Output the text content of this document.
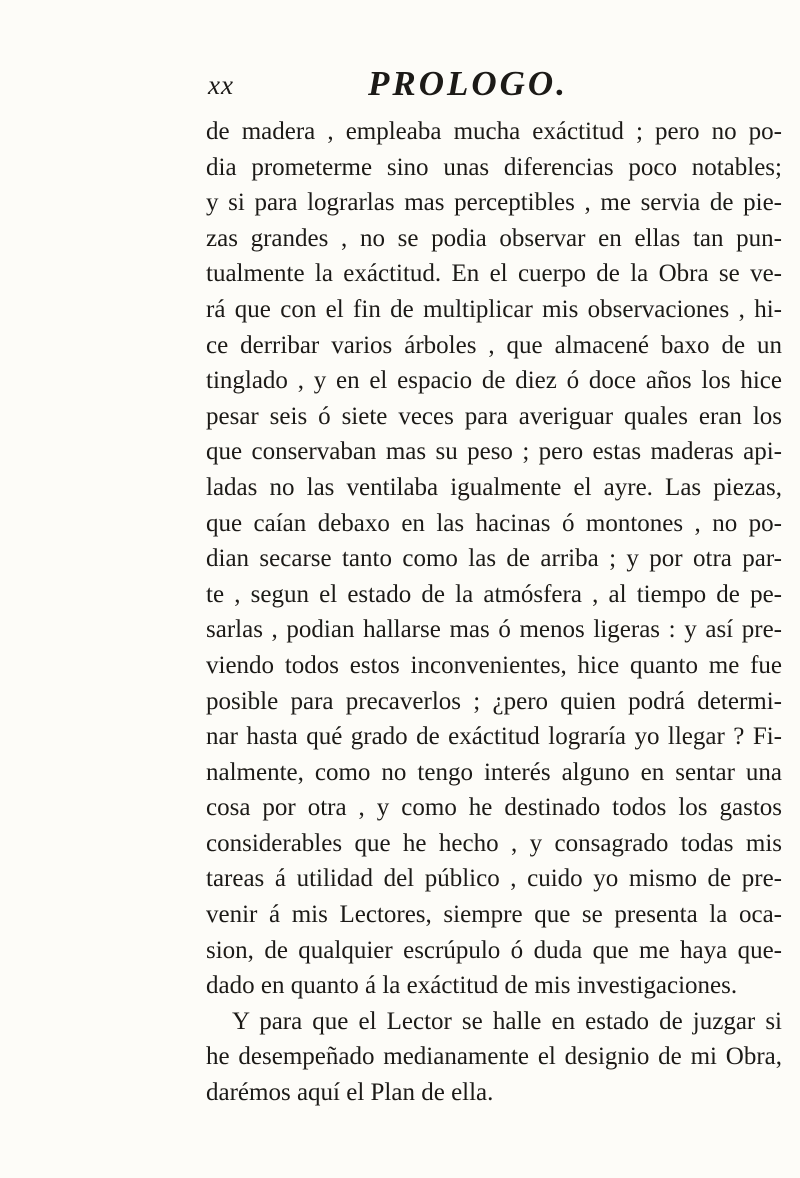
xx	PROLOGO.
de madera , empleaba mucha exáctitud ; pero no po-
dia prometerme sino unas diferencias poco notables;
y si para lograrlas mas perceptibles , me servia de pie-
zas grandes , no se podia observar en ellas tan pun-
tualmente la exáctitud. En el cuerpo de la Obra se ve-
rá que con el fin de multiplicar mis observaciones , hi-
ce derribar varios árboles , que almacené baxo de un
tinglado , y en el espacio de diez ó doce años los hice
pesar seis ó siete veces para averiguar quales eran los
que conservaban mas su peso ; pero estas maderas api-
ladas no las ventilaba igualmente el ayre. Las piezas,
que caían debaxo en las hacinas ó montones , no po-
dian secarse tanto como las de arriba ; y por otra par-
te , segun el estado de la atmósfera , al tiempo de pe-
sarlas , podian hallarse mas ó menos ligeras : y así pre-
viendo todos estos inconvenientes, hice quanto me fue
posible para precaverlos ; ¿pero quien podrá determi-
nar hasta qué grado de exáctitud lograría yo llegar ? Fi-
nalmente, como no tengo interés alguno en sentar una
cosa por otra , y como he destinado todos los gastos
considerables que he hecho , y consagrado todas mis
tareas á utilidad del público , cuido yo mismo de pre-
venir á mis Lectores, siempre que se presenta la oca-
sion, de qualquier escrúpulo ó duda que me haya que-
dado en quanto á la exáctitud de mis investigaciones.
Y para que el Lector se halle en estado de juzgar si
he desempeñado medianamente el designio de mi Obra,
darémos aquí el Plan de ella.
